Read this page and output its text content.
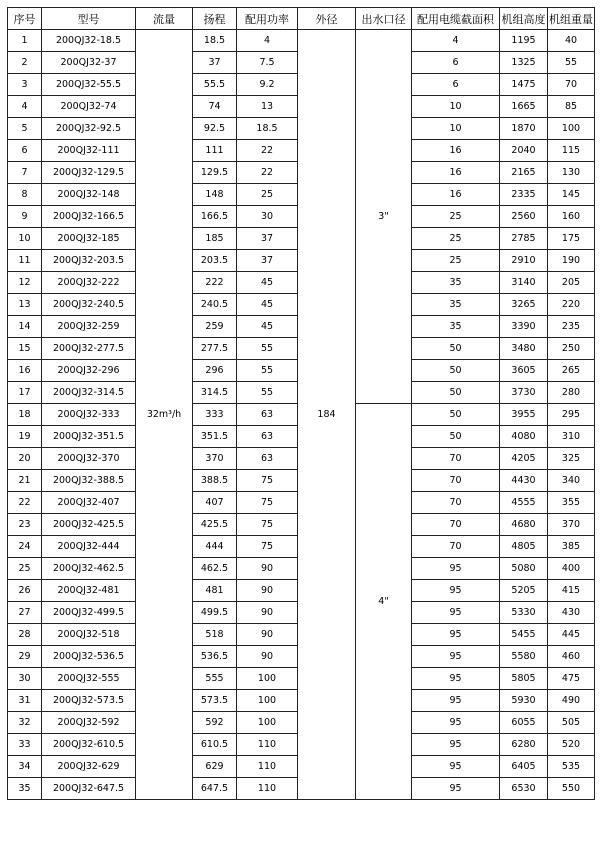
序号	型号	流量	扬程	配用功率	外径	出水口径	配用电缆截面积	机组高度	机组重量
1	200QJ32-18.5	32m³/h	18.5	4	184	3"	4	1195	40
2	200QJ32-37		37	7.5			6	1325	55
3	200QJ32-55.5		55.5	9.2			6	1475	70
4	200QJ32-74		74	13			10	1665	85
5	200QJ32-92.5		92.5	18.5			10	1870	100
6	200QJ32-111		111	22			16	2040	115
7	200QJ32-129.5		129.5	22			16	2165	130
8	200QJ32-148		148	25			16	2335	145
9	200QJ32-166.5		166.5	30			25	2560	160
10	200QJ32-185		185	37			25	2785	175
11	200QJ32-203.5		203.5	37			25	2910	190
12	200QJ32-222		222	45			35	3140	205
13	200QJ32-240.5		240.5	45			35	3265	220
14	200QJ32-259		259	45			35	3390	235
15	200QJ32-277.5		277.5	55			50	3480	250
16	200QJ32-296		296	55			50	3605	265
17	200QJ32-314.5		314.5	55			50	3730	280
18	200QJ32-333		333	63		4"	50	3955	295
19	200QJ32-351.5		351.5	63			50	4080	310
20	200QJ32-370		370	63			70	4205	325
21	200QJ32-388.5		388.5	75			70	4430	340
22	200QJ32-407		407	75			70	4555	355
23	200QJ32-425.5		425.5	75			70	4680	370
24	200QJ32-444		444	75			70	4805	385
25	200QJ32-462.5		462.5	90			95	5080	400
26	200QJ32-481		481	90			95	5205	415
27	200QJ32-499.5		499.5	90			95	5330	430
28	200QJ32-518		518	90			95	5455	445
29	200QJ32-536.5		536.5	90			95	5580	460
30	200QJ32-555		555	100			95	5805	475
31	200QJ32-573.5		573.5	100			95	5930	490
32	200QJ32-592		592	100			95	6055	505
33	200QJ32-610.5		610.5	110			95	6280	520
34	200QJ32-629		629	110			95	6405	535
35	200QJ32-647.5		647.5	110			95	6530	550
